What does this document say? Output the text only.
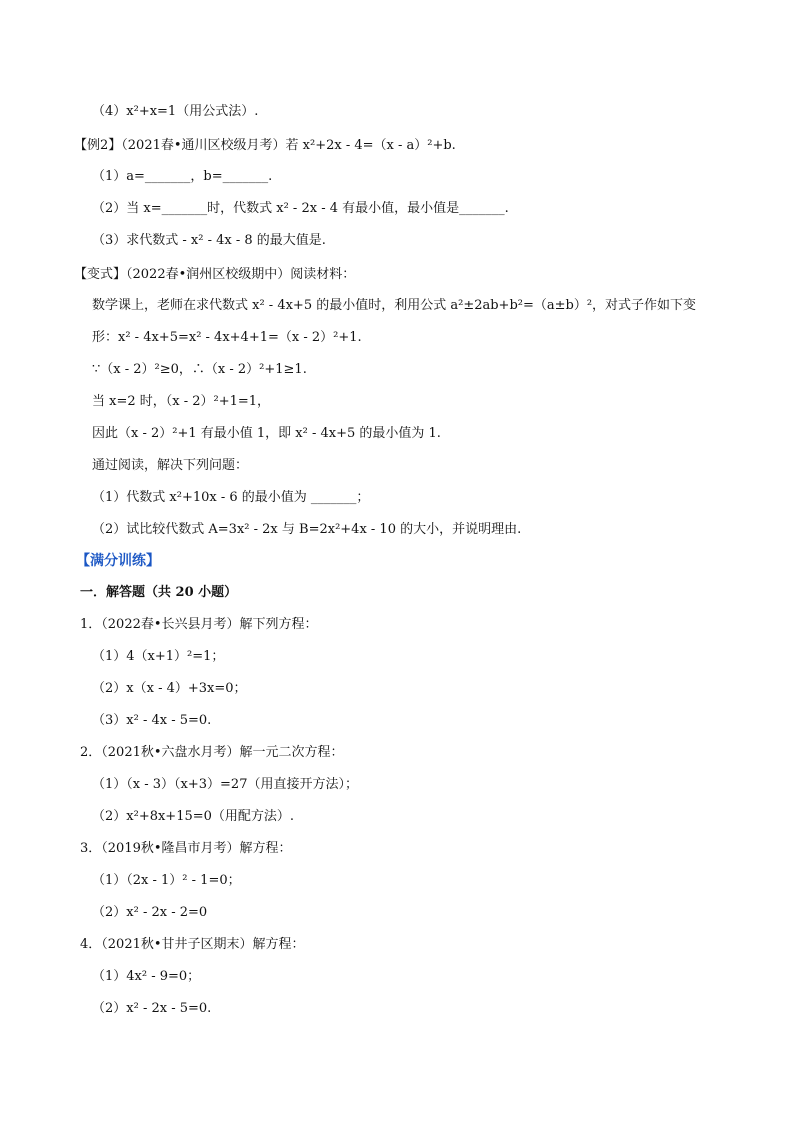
（4）x²+x=1（用公式法）.
【例2】（2021春•通川区校级月考）若 x²+2x - 4=（x - a）²+b.
（1）a=_______，b=_______.
（2）当 x=_______时，代数式 x² - 2x - 4 有最小值，最小值是_______.
（3）求代数式 - x² - 4x - 8 的最大值是.
【变式】（2022春•润州区校级期中）阅读材料：
数学课上，老师在求代数式 x² - 4x+5 的最小值时，利用公式 a²±2ab+b²=（a±b）²，对式子作如下变
形：x² - 4x+5=x² - 4x+4+1=（x - 2）²+1.
∵（x - 2）²≥0，∴（x - 2）²+1≥1.
当 x=2 时，（x - 2）²+1=1，
因此（x - 2）²+1 有最小值 1，即 x² - 4x+5 的最小值为 1.
通过阅读，解决下列问题：
（1）代数式 x²+10x - 6 的最小值为 _______；
（2）试比较代数式 A=3x² - 2x 与 B=2x²+4x - 10 的大小，并说明理由.
【满分训练】
一．解答题（共 20 小题）
1．（2022春•长兴县月考）解下列方程：
（1）4（x+1）²=1；
（2）x（x - 4）+3x=0；
（3）x² - 4x - 5=0.
2．（2021秋•六盘水月考）解一元二次方程：
（1）（x - 3）（x+3）=27（用直接开方法）；
（2）x²+8x+15=0（用配方法）.
3．（2019秋•隆昌市月考）解方程：
（1）（2x - 1）² - 1=0；
（2）x² - 2x - 2=0
4．（2021秋•甘井子区期末）解方程：
（1）4x² - 9=0；
（2）x² - 2x - 5=0.
